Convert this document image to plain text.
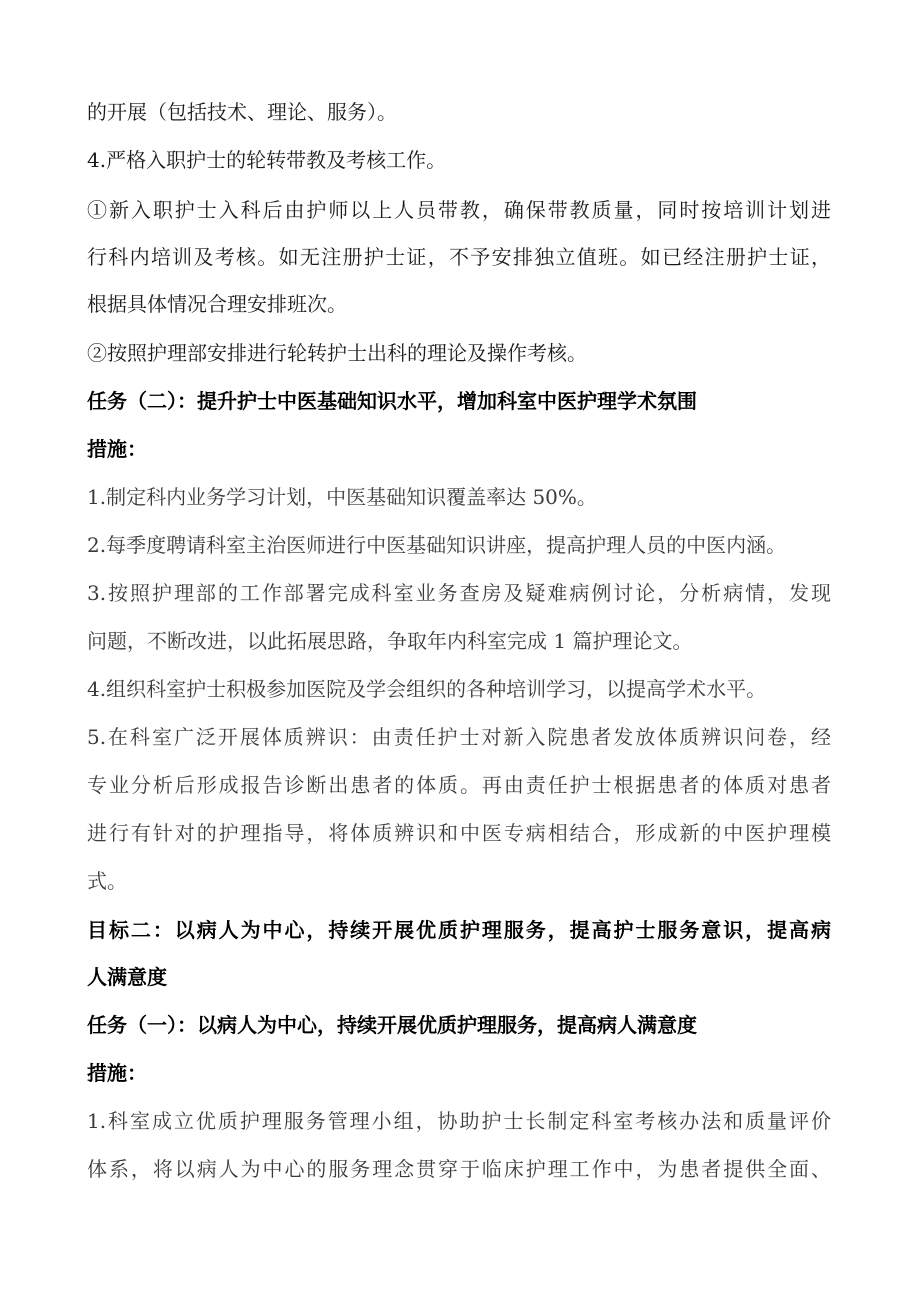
的开展（包括技术、理论、服务）。
4.严格入职护士的轮转带教及考核工作。
①新入职护士入科后由护师以上人员带教，确保带教质量，同时按培训计划进
行科内培训及考核。如无注册护士证，不予安排独立值班。如已经注册护士证，
根据具体情况合理安排班次。
②按照护理部安排进行轮转护士出科的理论及操作考核。
任务（二）：提升护士中医基础知识水平，增加科室中医护理学术氛围
措施：
1.制定科内业务学习计划，中医基础知识覆盖率达 50%。
2.每季度聘请科室主治医师进行中医基础知识讲座，提高护理人员的中医内涵。
3.按照护理部的工作部署完成科室业务查房及疑难病例讨论，分析病情，发现
问题，不断改进，以此拓展思路，争取年内科室完成 1 篇护理论文。
4.组织科室护士积极参加医院及学会组织的各种培训学习，以提高学术水平。
5.在科室广泛开展体质辨识：由责任护士对新入院患者发放体质辨识问卷，经
专业分析后形成报告诊断出患者的体质。再由责任护士根据患者的体质对患者
进行有针对的护理指导，将体质辨识和中医专病相结合，形成新的中医护理模
式。
目标二：以病人为中心，持续开展优质护理服务，提高护士服务意识，提高病
人满意度
任务（一）：以病人为中心，持续开展优质护理服务，提高病人满意度
措施：
1.科室成立优质护理服务管理小组，协助护士长制定科室考核办法和质量评价
体系，将以病人为中心的服务理念贯穿于临床护理工作中，为患者提供全面、
